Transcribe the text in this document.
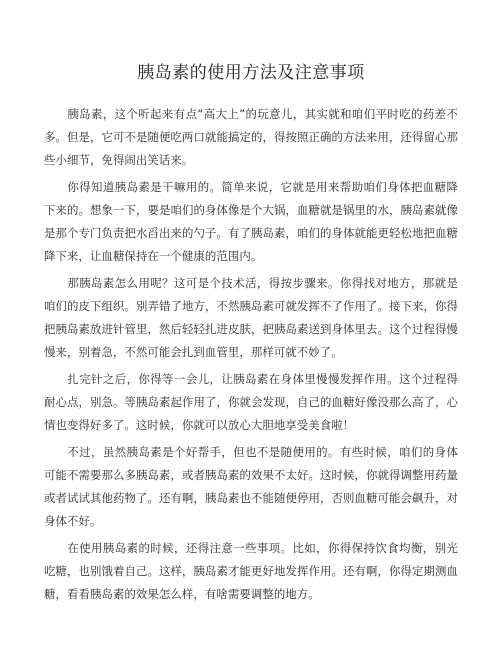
胰岛素的使用方法及注意事项

胰岛素，这个听起来有点“高大上”的玩意儿，其实就和咱们平时吃的药差不多。但是，它可不是随便吃两口就能搞定的，得按照正确的方法来用，还得留心那些小细节，免得闹出笑话来。

你得知道胰岛素是干嘛用的。简单来说，它就是用来帮助咱们身体把血糖降下来的。想象一下，要是咱们的身体像是个大锅，血糖就是锅里的水，胰岛素就像是那个专门负责把水舀出来的勺子。有了胰岛素，咱们的身体就能更轻松地把血糖降下来，让血糖保持在一个健康的范围内。

那胰岛素怎么用呢？这可是个技术活，得按步骤来。你得找对地方，那就是咱们的皮下组织。别弄错了地方，不然胰岛素可就发挥不了作用了。接下来，你得把胰岛素放进针管里，然后轻轻扎进皮肤，把胰岛素送到身体里去。这个过程得慢慢来，别着急，不然可能会扎到血管里，那样可就不妙了。

扎完针之后，你得等一会儿，让胰岛素在身体里慢慢发挥作用。这个过程得耐心点，别急。等胰岛素起作用了，你就会发现，自己的血糖好像没那么高了，心情也变得好多了。这时候，你就可以放心大胆地享受美食啦！

不过，虽然胰岛素是个好帮手，但也不是随便用的。有些时候，咱们的身体可能不需要那么多胰岛素，或者胰岛素的效果不太好。这时候，你就得调整用药量或者试试其他药物了。还有啊，胰岛素也不能随便停用，否则血糖可能会飙升，对身体不好。

在使用胰岛素的时候，还得注意一些事项。比如，你得保持饮食均衡，别光吃糖，也别饿着自己。这样，胰岛素才能更好地发挥作用。还有啊，你得定期测血糖，看看胰岛素的效果怎么样，有啥需要调整的地方。
